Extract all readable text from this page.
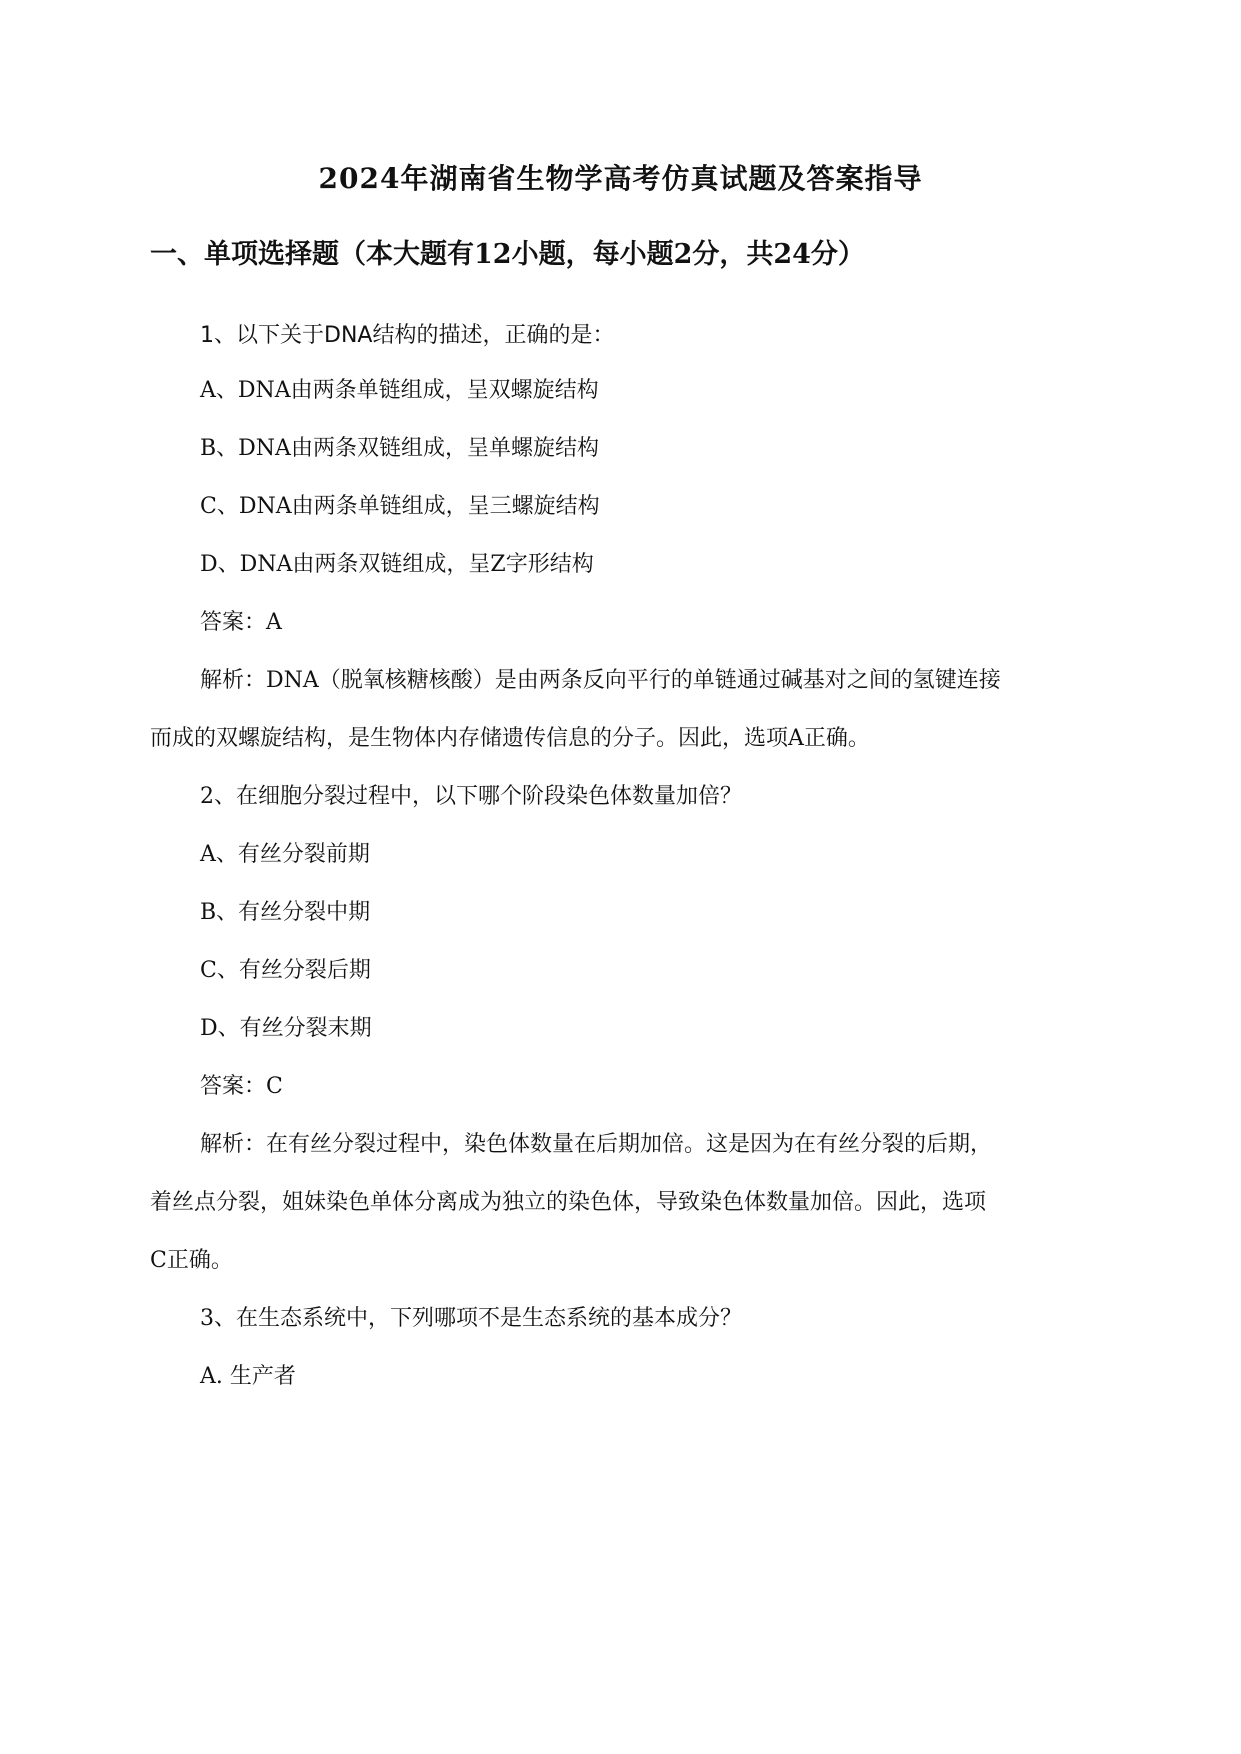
2024年湖南省生物学高考仿真试题及答案指导
一、单项选择题（本大题有12小题，每小题2分，共24分）
1、以下关于DNA结构的描述，正确的是：
A、DNA由两条单链组成，呈双螺旋结构
B、DNA由两条双链组成，呈单螺旋结构
C、DNA由两条单链组成，呈三螺旋结构
D、DNA由两条双链组成，呈Z字形结构
答案：A
解析：DNA（脱氧核糖核酸）是由两条反向平行的单链通过碱基对之间的氢键连接
而成的双螺旋结构，是生物体内存储遗传信息的分子。因此，选项A正确。
2、在细胞分裂过程中，以下哪个阶段染色体数量加倍？
A、有丝分裂前期
B、有丝分裂中期
C、有丝分裂后期
D、有丝分裂末期
答案：C
解析：在有丝分裂过程中，染色体数量在后期加倍。这是因为在有丝分裂的后期，
着丝点分裂，姐妹染色单体分离成为独立的染色体，导致染色体数量加倍。因此，选项
C正确。
3、在生态系统中，下列哪项不是生态系统的基本成分？
A. 生产者
